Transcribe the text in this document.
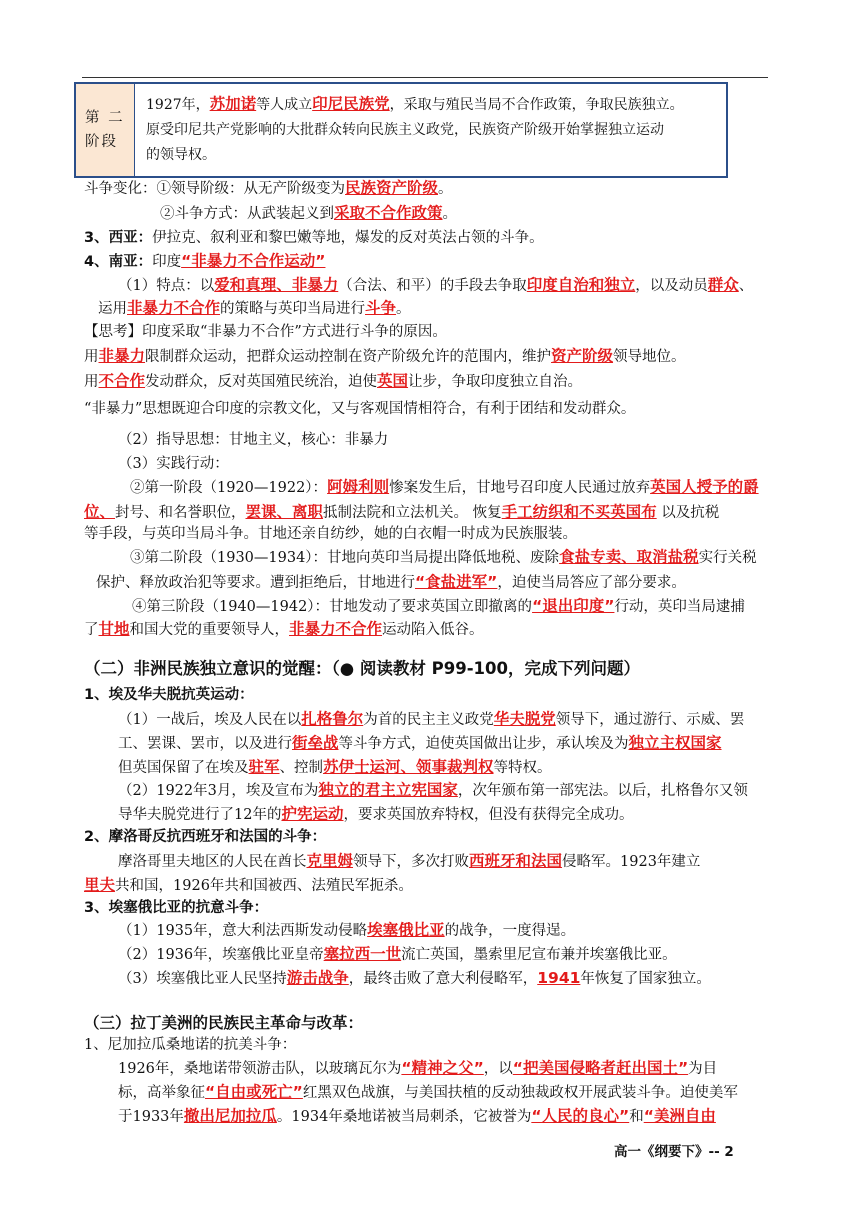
第 二 阶段
1927年，苏加诺等人成立印尼民族党，采取与殖民当局不合作政策，争取民族独立。
原受印尼共产党影响的大批群众转向民族主义政党，民族资产阶级开始掌握独立运动
的领导权。
斗争变化：①领导阶级：从无产阶级变为民族资产阶级。
②斗争方式：从武装起义到采取不合作政策。
3、西亚：伊拉克、叙利亚和黎巴嫩等地，爆发的反对英法占领的斗争。
4、南亚：印度“非暴力不合作运动”
（1）特点：以爱和真理、非暴力（合法、和平）的手段去争取印度自治和独立，以及动员群众、
运用非暴力不合作的策略与英印当局进行斗争。
【思考】印度采取“非暴力不合作”方式进行斗争的原因。
用非暴力限制群众运动，把群众运动控制在资产阶级允许的范围内，维护资产阶级领导地位。
用不合作发动群众，反对英国殖民统治，迫使英国让步，争取印度独立自治。
“非暴力”思想既迎合印度的宗教文化，又与客观国情相符合，有利于团结和发动群众。
（2）指导思想：甘地主义，核心：非暴力
（3）实践行动：
②第一阶段（1920—1922）：阿姆利则惨案发生后，甘地号召印度人民通过放弃英国人授予的爵
位、封号、和名誉职位，罢课、离职抵制法院和立法机关。 恢复手工纺织和不买英国布 以及抗税
等手段，与英印当局斗争。甘地还亲自纺纱，她的白衣帽一时成为民族服装。
③第二阶段（1930—1934）：甘地向英印当局提出降低地税、废除食盐专卖、取消盐税实行关税
保护、释放政治犯等要求。遭到拒绝后，甘地进行“食盐进军”，迫使当局答应了部分要求。
④第三阶段（1940—1942）：甘地发动了要求英国立即撤离的“退出印度”行动，英印当局逮捕
了甘地和国大党的重要领导人，非暴力不合作运动陷入低谷。
（二）非洲民族独立意识的觉醒：（● 阅读教材 P99-100，完成下列问题）
1、埃及华夫脱抗英运动：
（1）一战后，埃及人民在以扎格鲁尔为首的民主主义政党华夫脱党领导下，通过游行、示威、罢
工、罢课、罢市，以及进行街垒战等斗争方式，迫使英国做出让步，承认埃及为独立主权国家
但英国保留了在埃及驻军、控制苏伊士运河、领事裁判权等特权。
（2）1922年3月，埃及宣布为独立的君主立宪国家，次年颁布第一部宪法。以后，扎格鲁尔又领
导华夫脱党进行了12年的护宪运动，要求英国放弃特权，但没有获得完全成功。
2、摩洛哥反抗西班牙和法国的斗争：
摩洛哥里夫地区的人民在酋长克里姆领导下，多次打败西班牙和法国侵略军。1923年建立
里夫共和国，1926年共和国被西、法殖民军扼杀。
3、埃塞俄比亚的抗意斗争：
（1）1935年，意大利法西斯发动侵略埃塞俄比亚的战争，一度得逞。
（2）1936年，埃塞俄比亚皇帝塞拉西一世流亡英国，墨索里尼宣布兼并埃塞俄比亚。
（3）埃塞俄比亚人民坚持游击战争，最终击败了意大利侵略军，1941年恢复了国家独立。
（三）拉丁美洲的民族民主革命与改革：
1、尼加拉瓜桑地诺的抗美斗争：
1926年，桑地诺带领游击队，以玻璃瓦尔为“精神之父”，以“把美国侵略者赶出国土”为目
标，高举象征“自由或死亡”红黑双色战旗，与美国扶植的反动独裁政权开展武装斗争。迫使美军
于1933年撤出尼加拉瓜。1934年桑地诺被当局刺杀，它被誉为“人民的良心”和“美洲自由
高一《纲要下》-- 2
